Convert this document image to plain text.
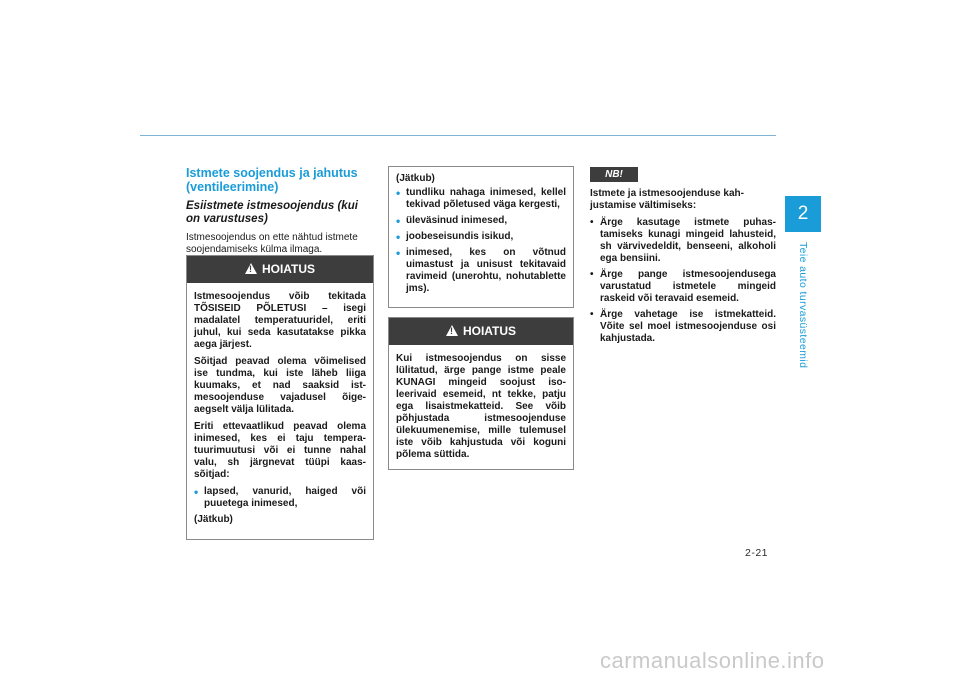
2
Teie auto turvasüsteemid
2-21
Istmete soojendus ja jahutus (ventileerimine)
Esiistmete istmesoojendus (kui on varustuses)

Istmesoojendus on ette nähtud istmete soojendamiseks külma ilmaga.

!HOIATUS

Istmesoojendus võib tekitada TÕSISEID PÕLETUSI – isegi madalatel temperatuuridel, eriti juhul, kui seda kasutatakse pikka aega järjest.

Sõitjad peavad olema võimelised ise tundma, kui iste läheb liiga kuumaks, et nad saaksid istmesoojenduse vajadusel õigeaegselt välja lülitada.

Eriti ettevaatlikud peavad olema inimesed, kes ei taju temperatuurimuutusi või ei tunne nahal valu, sh järgnevat tüüpi kaassõitjad:

• lapsed, vanurid, haiged või puuetega inimesed,

(Jätkub)

(Jätkub)

• tundliku nahaga inimesed, kellel tekivad põletused väga kergesti,
• üleväsinud inimesed,
• joobeseisundis isikud,
• inimesed, kes on võtnud uimastust ja unisust tekitavaid ravimeid (unerohtu, nohutablette jms).
!HOIATUS

Kui istmesoojendus on sisse lülitatud, ärge pange istme peale KUNAGI mingeid soojust isoleerivaid esemeid, nt tekke, patju ega lisaistmekatteid. See võib põhjustada istmesoojenduse ülekuumenemise, mille tulemusel iste võib kahjustuda või koguni põlema süttida.

NB!

Istmete ja istmesoojenduse kahjustamise vältimiseks:

• Ärge kasutage istmete puhastamiseks kunagi mingeid lahusteid, sh värvivedeldit, benseeni, alkoholi ega bensiini.
• Ärge pange istmesoojendusega varustatud istmetele mingeid raskeid või teravaid esemeid.
• Ärge vahetage ise istmekatteid. Võite sel moel istmesoojenduse osi kahjustada.
carmanualsonline.info
